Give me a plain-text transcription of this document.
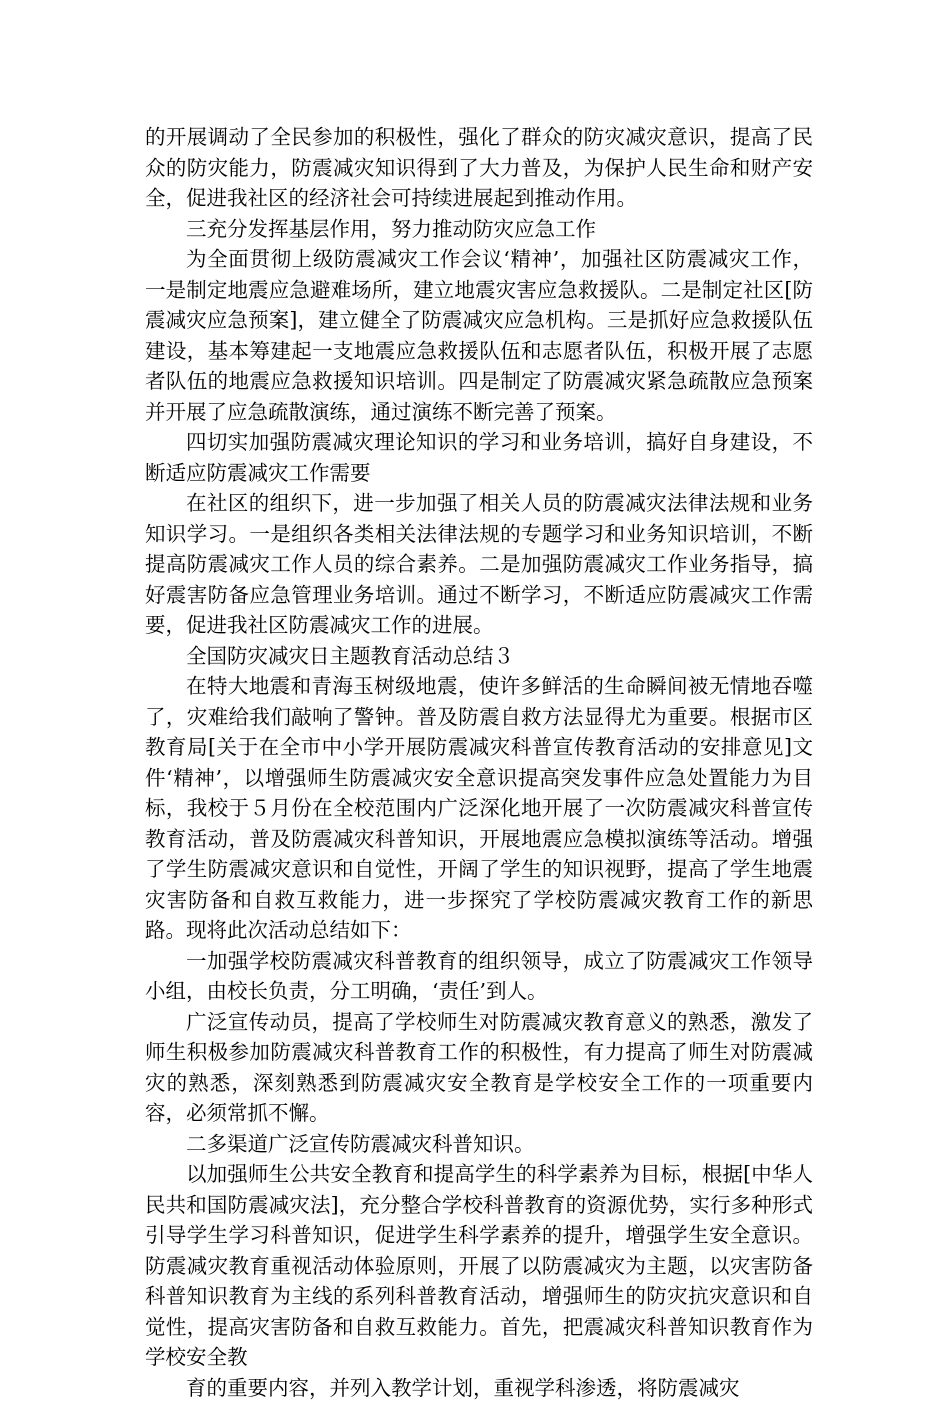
的开展调动了全民参加的积极性，强化了群众的防灾减灾意识，提高了民众的防灾能力，防震减灾知识得到了大力普及，为保护人民生命和财产安全，促进我社区的经济社会可持续进展起到推动作用。

三充分发挥基层作用，努力推动防灾应急工作

为全面贯彻上级防震减灾工作会议‘精神’，加强社区防震减灾工作，一是制定地震应急避难场所，建立地震灾害应急救援队。二是制定社区[防震减灾应急预案]，建立健全了防震减灾应急机构。三是抓好应急救援队伍建设，基本筹建起一支地震应急救援队伍和志愿者队伍，积极开展了志愿者队伍的地震应急救援知识培训。四是制定了防震减灾紧急疏散应急预案并开展了应急疏散演练，通过演练不断完善了预案。

四切实加强防震减灾理论知识的学习和业务培训，搞好自身建设，不断适应防震减灾工作需要

在社区的组织下，进一步加强了相关人员的防震减灾法律法规和业务知识学习。一是组织各类相关法律法规的专题学习和业务知识培训，不断提高防震减灾工作人员的综合素养。二是加强防震减灾工作业务指导，搞好震害防备应急管理业务培训。通过不断学习，不断适应防震减灾工作需要，促进我社区防震减灾工作的进展。

全国防灾减灾日主题教育活动总结３

在特大地震和青海玉树级地震，使许多鲜活的生命瞬间被无情地吞噬了，灾难给我们敲响了警钟。普及防震自救方法显得尤为重要。根据市区教育局[关于在全市中小学开展防震减灾科普宣传教育活动的安排意见]文件‘精神’，以增强师生防震减灾安全意识提高突发事件应急处置能力为目标，我校于５月份在全校范围内广泛深化地开展了一次防震减灾科普宣传教育活动，普及防震减灾科普知识，开展地震应急模拟演练等活动。增强了学生防震减灾意识和自觉性，开阔了学生的知识视野，提高了学生地震灾害防备和自救互救能力，进一步探究了学校防震减灾教育工作的新思路。现将此次活动总结如下：

一加强学校防震减灾科普教育的组织领导，成立了防震减灾工作领导小组，由校长负责，分工明确，‘责任’到人。

广泛宣传动员，提高了学校师生对防震减灾教育意义的熟悉，激发了师生积极参加防震减灾科普教育工作的积极性，有力提高了师生对防震减灾的熟悉，深刻熟悉到防震减灾安全教育是学校安全工作的一项重要内容，必须常抓不懈。

二多渠道广泛宣传防震减灾科普知识。

以加强师生公共安全教育和提高学生的科学素养为目标，根据[中华人民共和国防震减灾法]，充分整合学校科普教育的资源优势，实行多种形式引导学生学习科普知识，促进学生科学素养的提升，增强学生安全意识。防震减灾教育重视活动体验原则，开展了以防震减灾为主题，以灾害防备科普知识教育为主线的系列科普教育活动，增强师生的防灾抗灾意识和自觉性，提高灾害防备和自救互救能力。首先，把震减灾科普知识教育作为学校安全教

育的重要内容，并列入教学计划，重视学科渗透，将防震减灾
